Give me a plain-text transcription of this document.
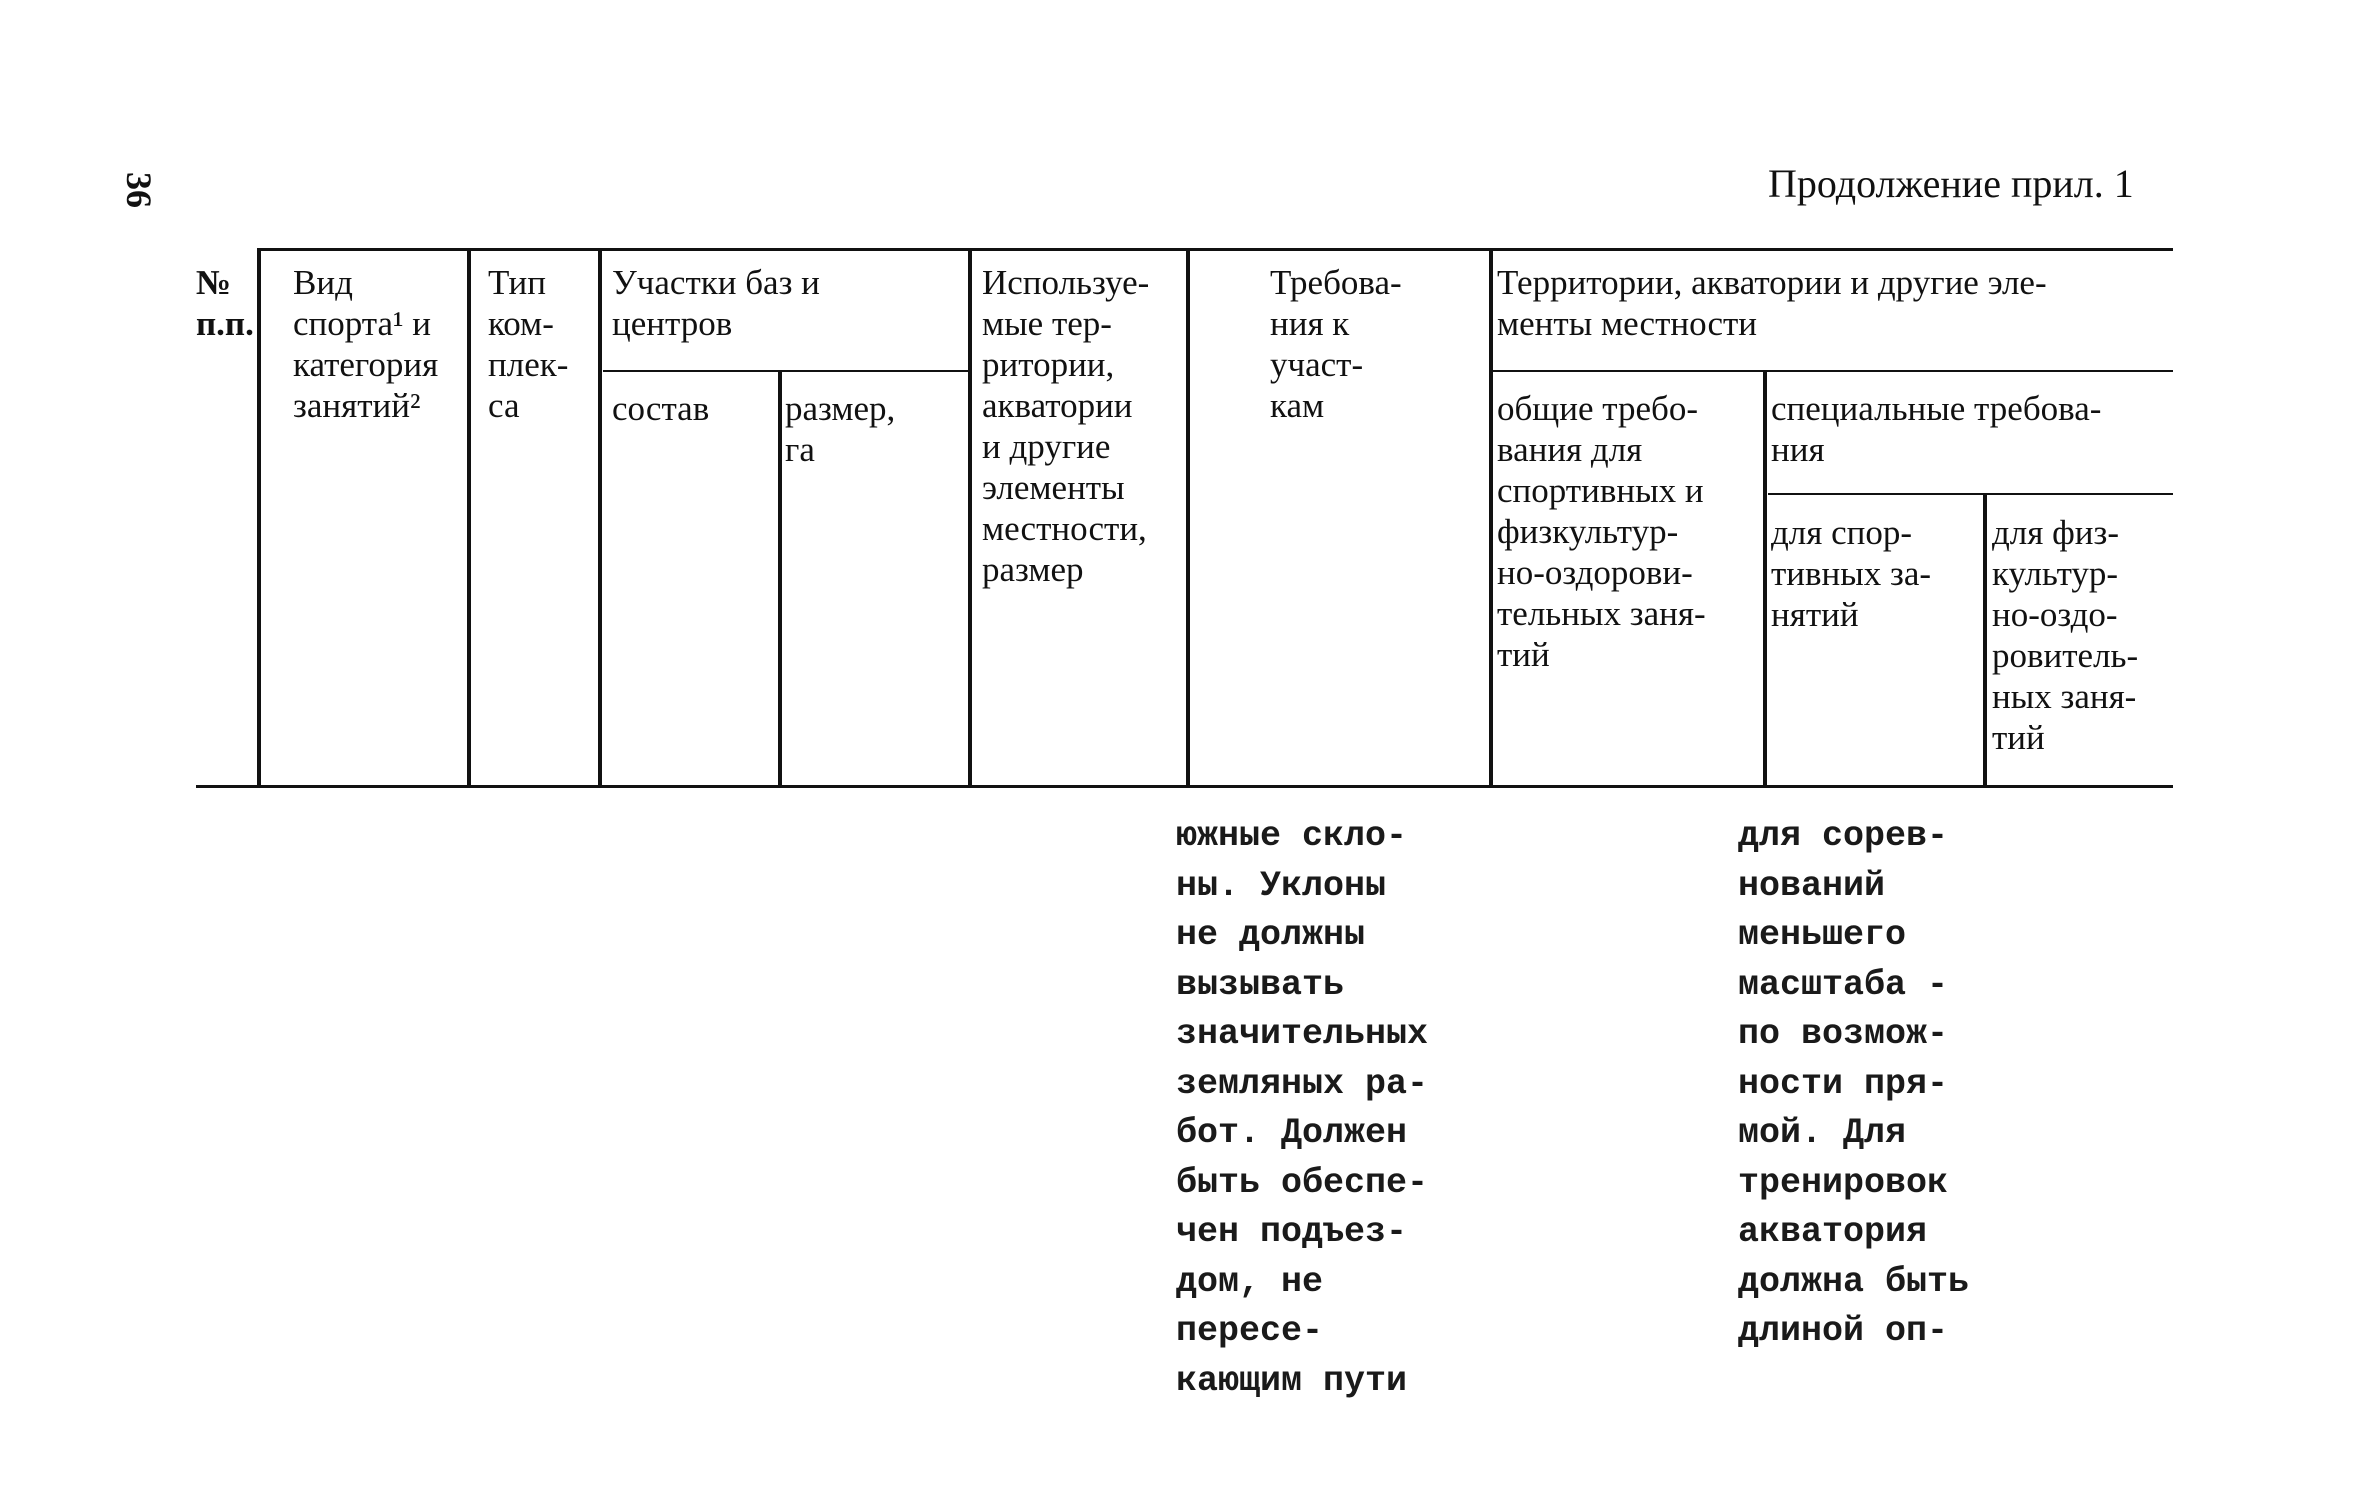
36	Продолжение прил. 1
№
п.п.
Вид спорта¹ и категория занятий²
Тип
ком-
плек-
са
Участки баз и
центров
состав	размер,
га
Используе-
мые тер-
ритории,
акватории
и другие
элементы
местности,
размер
Требова-
ния к
участ-
кам
Территории, акватории и другие эле-
менты местности
общие требо-
вания для
спортивных и
физкультур-
но-оздорови-
тельных заня-
тий
специальные требова-
ния
для спор-
тивных за-
нятий
для физ-
культур-
но-оздо-
ровитель-
ных заня-
тий
южные скло-
ны. Уклоны
не должны
вызывать
значительных
земляных ра-
бот. Должен
быть обеспе-
чен подъез-
дом, не пересе-
кающим пути
для сорев-
нований
меньшего
масштаба -
по возмож-
ности пря-
мой. Для
тренировок
акватория
должна быть
длиной оп-
